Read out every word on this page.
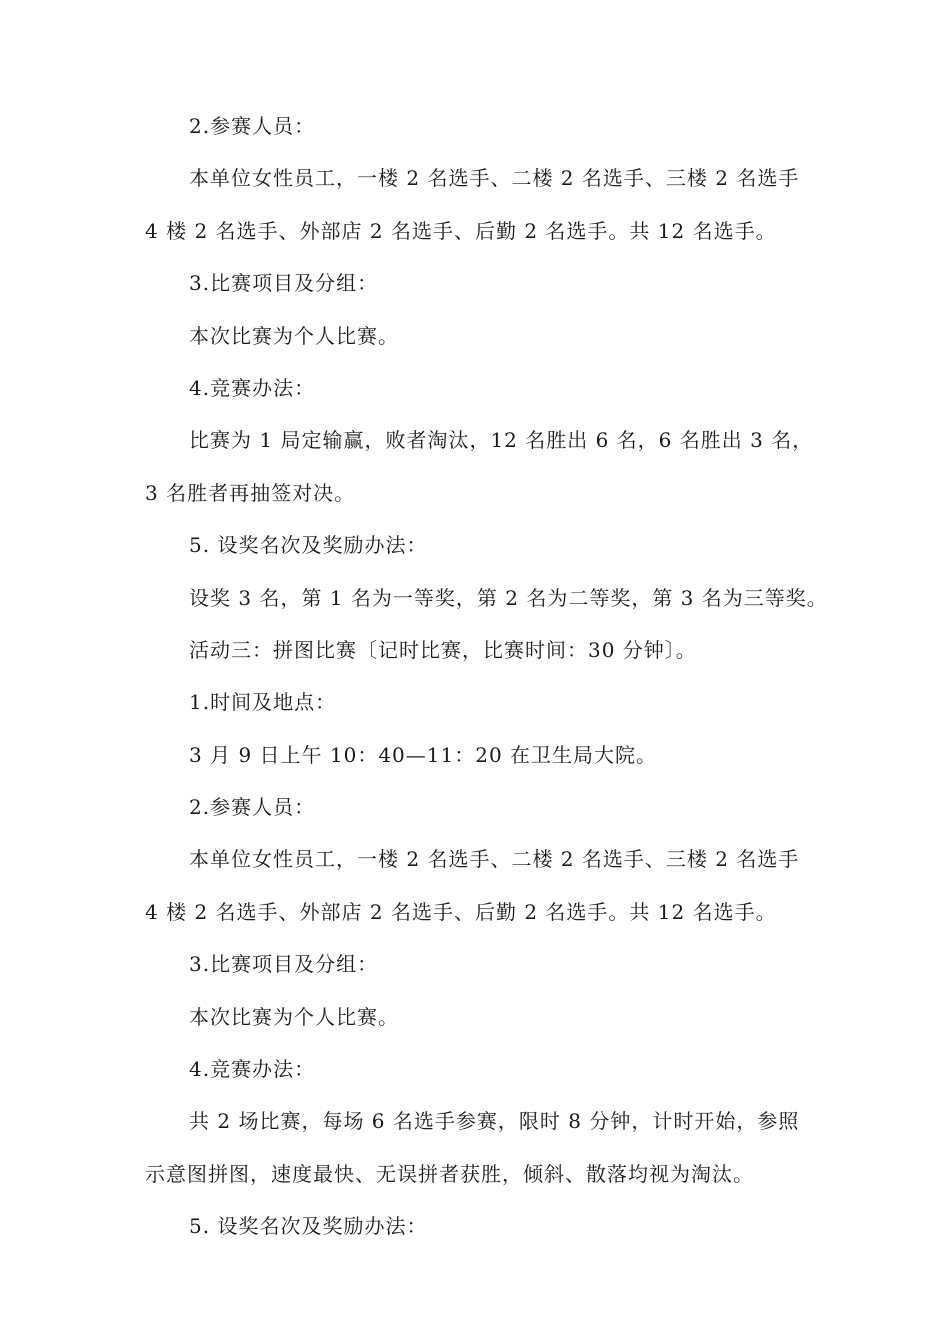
2.参赛人员：
本单位女性员工，一楼 2 名选手、二楼 2 名选手、三楼 2 名选手
4 楼 2 名选手、外部店 2 名选手、后勤 2 名选手。共 12 名选手。
3.比赛项目及分组：
本次比赛为个人比赛。
4.竞赛办法：
比赛为 1 局定输赢，败者淘汰，12 名胜出 6 名，6 名胜出 3 名，
3 名胜者再抽签对决。
5. 设奖名次及奖励办法：
设奖 3 名，第 1 名为一等奖，第 2 名为二等奖，第 3 名为三等奖。
活动三：拼图比赛〔记时比赛，比赛时间：30 分钟〕。
1.时间及地点：
3 月 9 日上午 10：40—11：20 在卫生局大院。
2.参赛人员：
本单位女性员工，一楼 2 名选手、二楼 2 名选手、三楼 2 名选手
4 楼 2 名选手、外部店 2 名选手、后勤 2 名选手。共 12 名选手。
3.比赛项目及分组：
本次比赛为个人比赛。
4.竞赛办法：
共 2 场比赛，每场 6 名选手参赛，限时 8 分钟，计时开始，参照
示意图拼图，速度最快、无误拼者获胜，倾斜、散落均视为淘汰。
5. 设奖名次及奖励办法：
